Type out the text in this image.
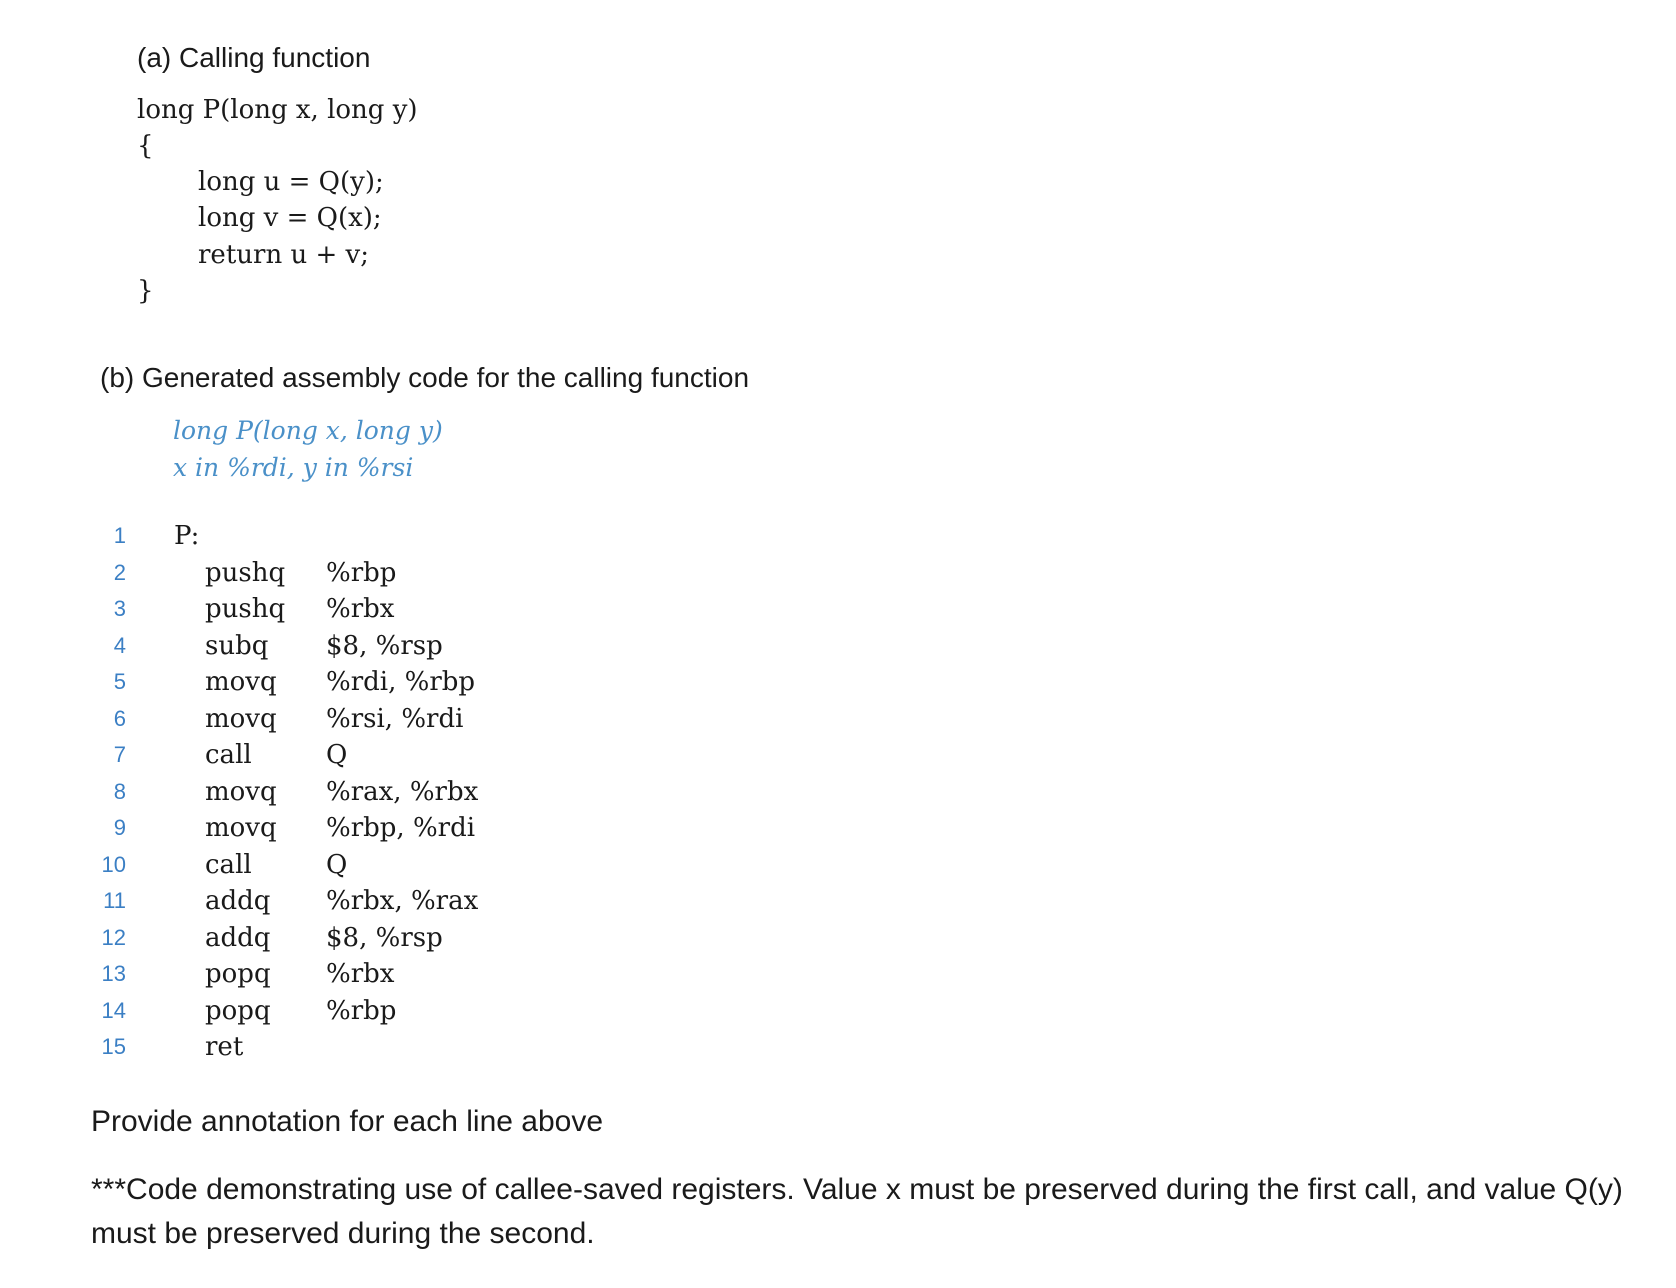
(a) Calling function
long P(long x, long y)
{
long u = Q(y);
long v = Q(x);
return u + v;
}
(b) Generated assembly code for the calling function
long P(long x, long y)
x in %rdi, y in %rsi
1 P:
2	pushq %rbp
3	pushq %rbx
4	subq $8, %rsp
5	movq %rdi, %rbp
6	movq %rsi, %rdi
7	call	Q
8	movq %rax, %rbx
9	movq %rbp, %rdi
10	call	Q
11	addq %rbx, %rax
12	addq $8, %rsp
13	popq %rbx
14	popq %rbp
15	ret
Provide annotation for each line above
***Code demonstrating use of callee-saved registers. Value x must be preserved during the first call, and value Q(y) must be preserved during the second.
